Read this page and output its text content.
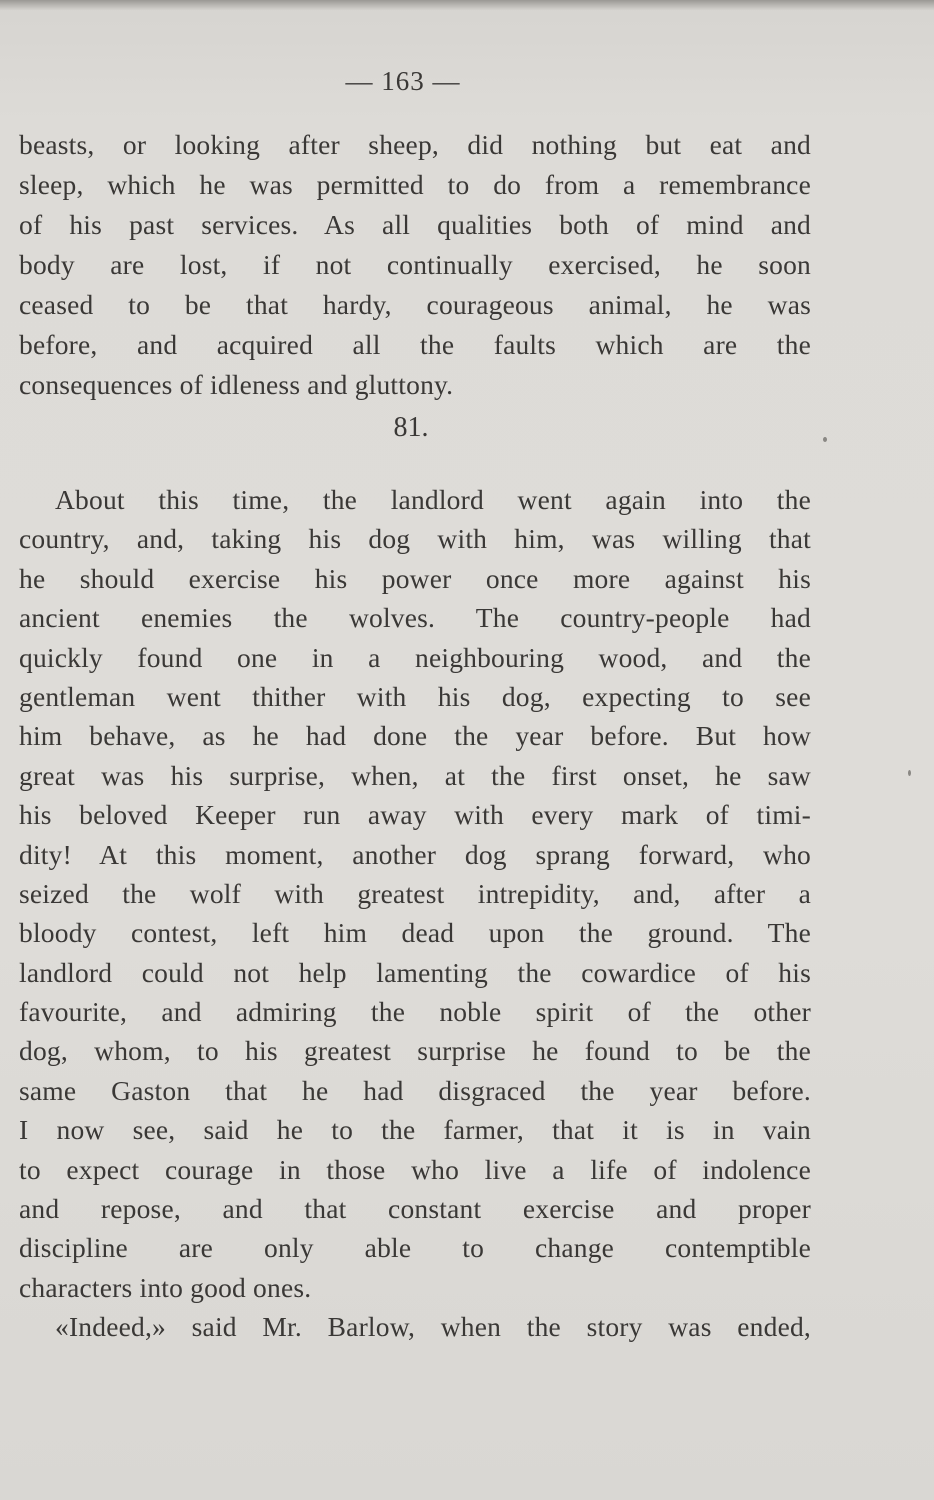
— 163 —
beasts, or looking after sheep, did nothing but eat and
sleep, which he was permitted to do from a remembrance
of his past services. As all qualities both of mind and
body are lost, if not continually exercised, he soon
ceased to be that hardy, courageous animal, he was
before, and acquired all the faults which are the
consequences of idleness and gluttony.
81.
About this time, the landlord went again into the
country, and, taking his dog with him, was willing that
he should exercise his power once more against his
ancient enemies the wolves. The country-people had
quickly found one in a neighbouring wood, and the
gentleman went thither with his dog, expecting to see
him behave, as he had done the year before. But how
great was his surprise, when, at the first onset, he saw
his beloved Keeper run away with every mark of timi-
dity! At this moment, another dog sprang forward, who
seized the wolf with greatest intrepidity, and, after a
bloody contest, left him dead upon the ground. The
landlord could not help lamenting the cowardice of his
favourite, and admiring the noble spirit of the other
dog, whom, to his greatest surprise he found to be the
same Gaston that he had disgraced the year before.
I now see, said he to the farmer, that it is in vain
to expect courage in those who live a life of indolence
and repose, and that constant exercise and proper
discipline are only able to change contemptible
characters into good ones.
«Indeed,» said Mr. Barlow, when the story was ended,
